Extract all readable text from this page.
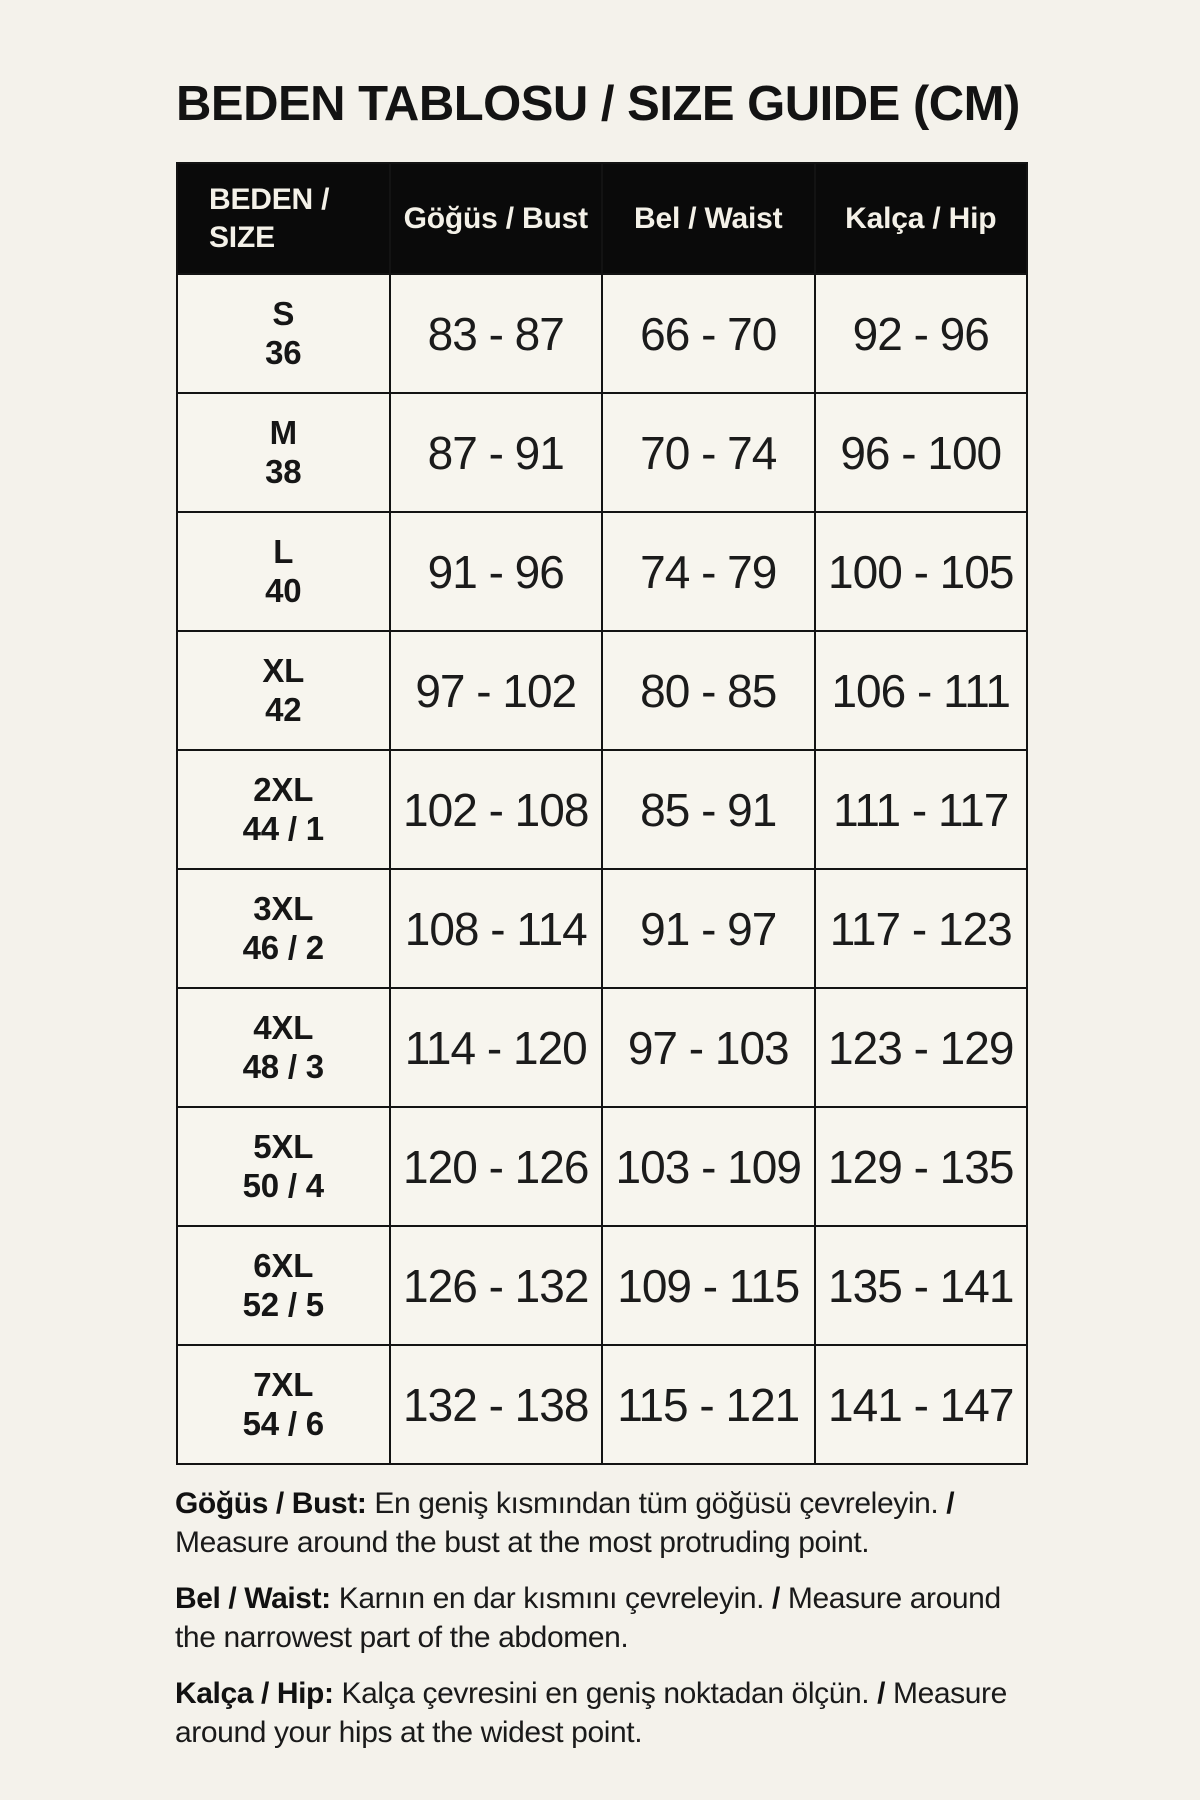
BEDEN TABLOSU / SIZE GUIDE (CM)
BEDEN /
SIZE	Göğüs / Bust	Bel / Waist	Kalça / Hip

S
36	83 - 87	66 - 70	92 - 96

M
38	87 - 91	70 - 74	96 - 100

L
40	91 - 96	74 - 79	100 - 105

XL
42	97 - 102	80 - 85	106 - 111

2XL
44 / 1	102 - 108	85 - 91	111 - 117

3XL
46 / 2	108 - 114	91 - 97	117 - 123

4XL
48 / 3	114 - 120	97 - 103	123 - 129

5XL
50 / 4	120 - 126	103 - 109	129 - 135

6XL
52 / 5	126 - 132	109 - 115	135 - 141

7XL
54 / 6	132 - 138	115 - 121	141 - 147

Göğüs / Bust: En geniş kısmından tüm göğüsü çevreleyin. / Measure around the bust at the most protruding point.

Bel / Waist: Karnın en dar kısmını çevreleyin. / Measure around the narrowest part of the abdomen.

Kalça / Hip: Kalça çevresini en geniş noktadan ölçün. / Measure around your hips at the widest point.
